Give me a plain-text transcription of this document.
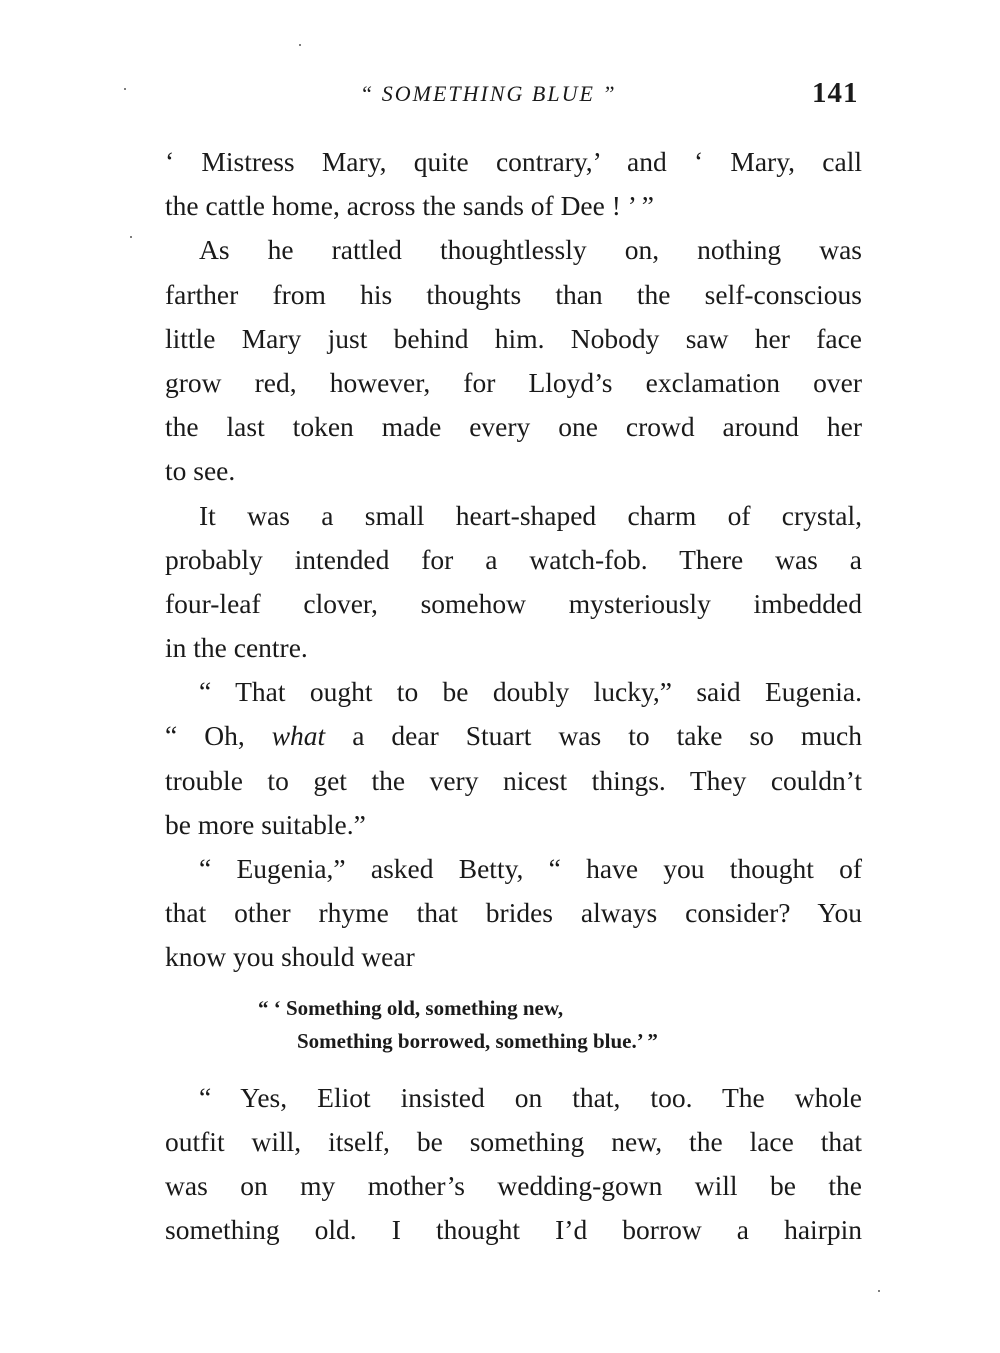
“ SOMETHING BLUE ”	141
‘ Mistress Mary, quite contrary,’ and ‘ Mary, call
the cattle home, across the sands of Dee ! ’ ”
As he rattled thoughtlessly on, nothing was
farther from his thoughts than the self-conscious
little Mary just behind him. Nobody saw her face
grow red, however, for Lloyd’s exclamation over
the last token made every one crowd around her
to see.
It was a small heart-shaped charm of crystal,
probably intended for a watch-fob. There was a
four-leaf clover, somehow mysteriously imbedded
in the centre.
“ That ought to be doubly lucky,” said Eugenia.
“ Oh, what a dear Stuart was to take so much
trouble to get the very nicest things. They couldn’t
be more suitable.”
“ Eugenia,” asked Betty, “ have you thought of
that other rhyme that brides always consider? You
know you should wear
“ ‘ Something old, something new,
Something borrowed, something blue.’ ”
“ Yes, Eliot insisted on that, too. The whole
outfit will, itself, be something new, the lace that
was on my mother’s wedding-gown will be the
something old. I thought I’d borrow a hairpin
